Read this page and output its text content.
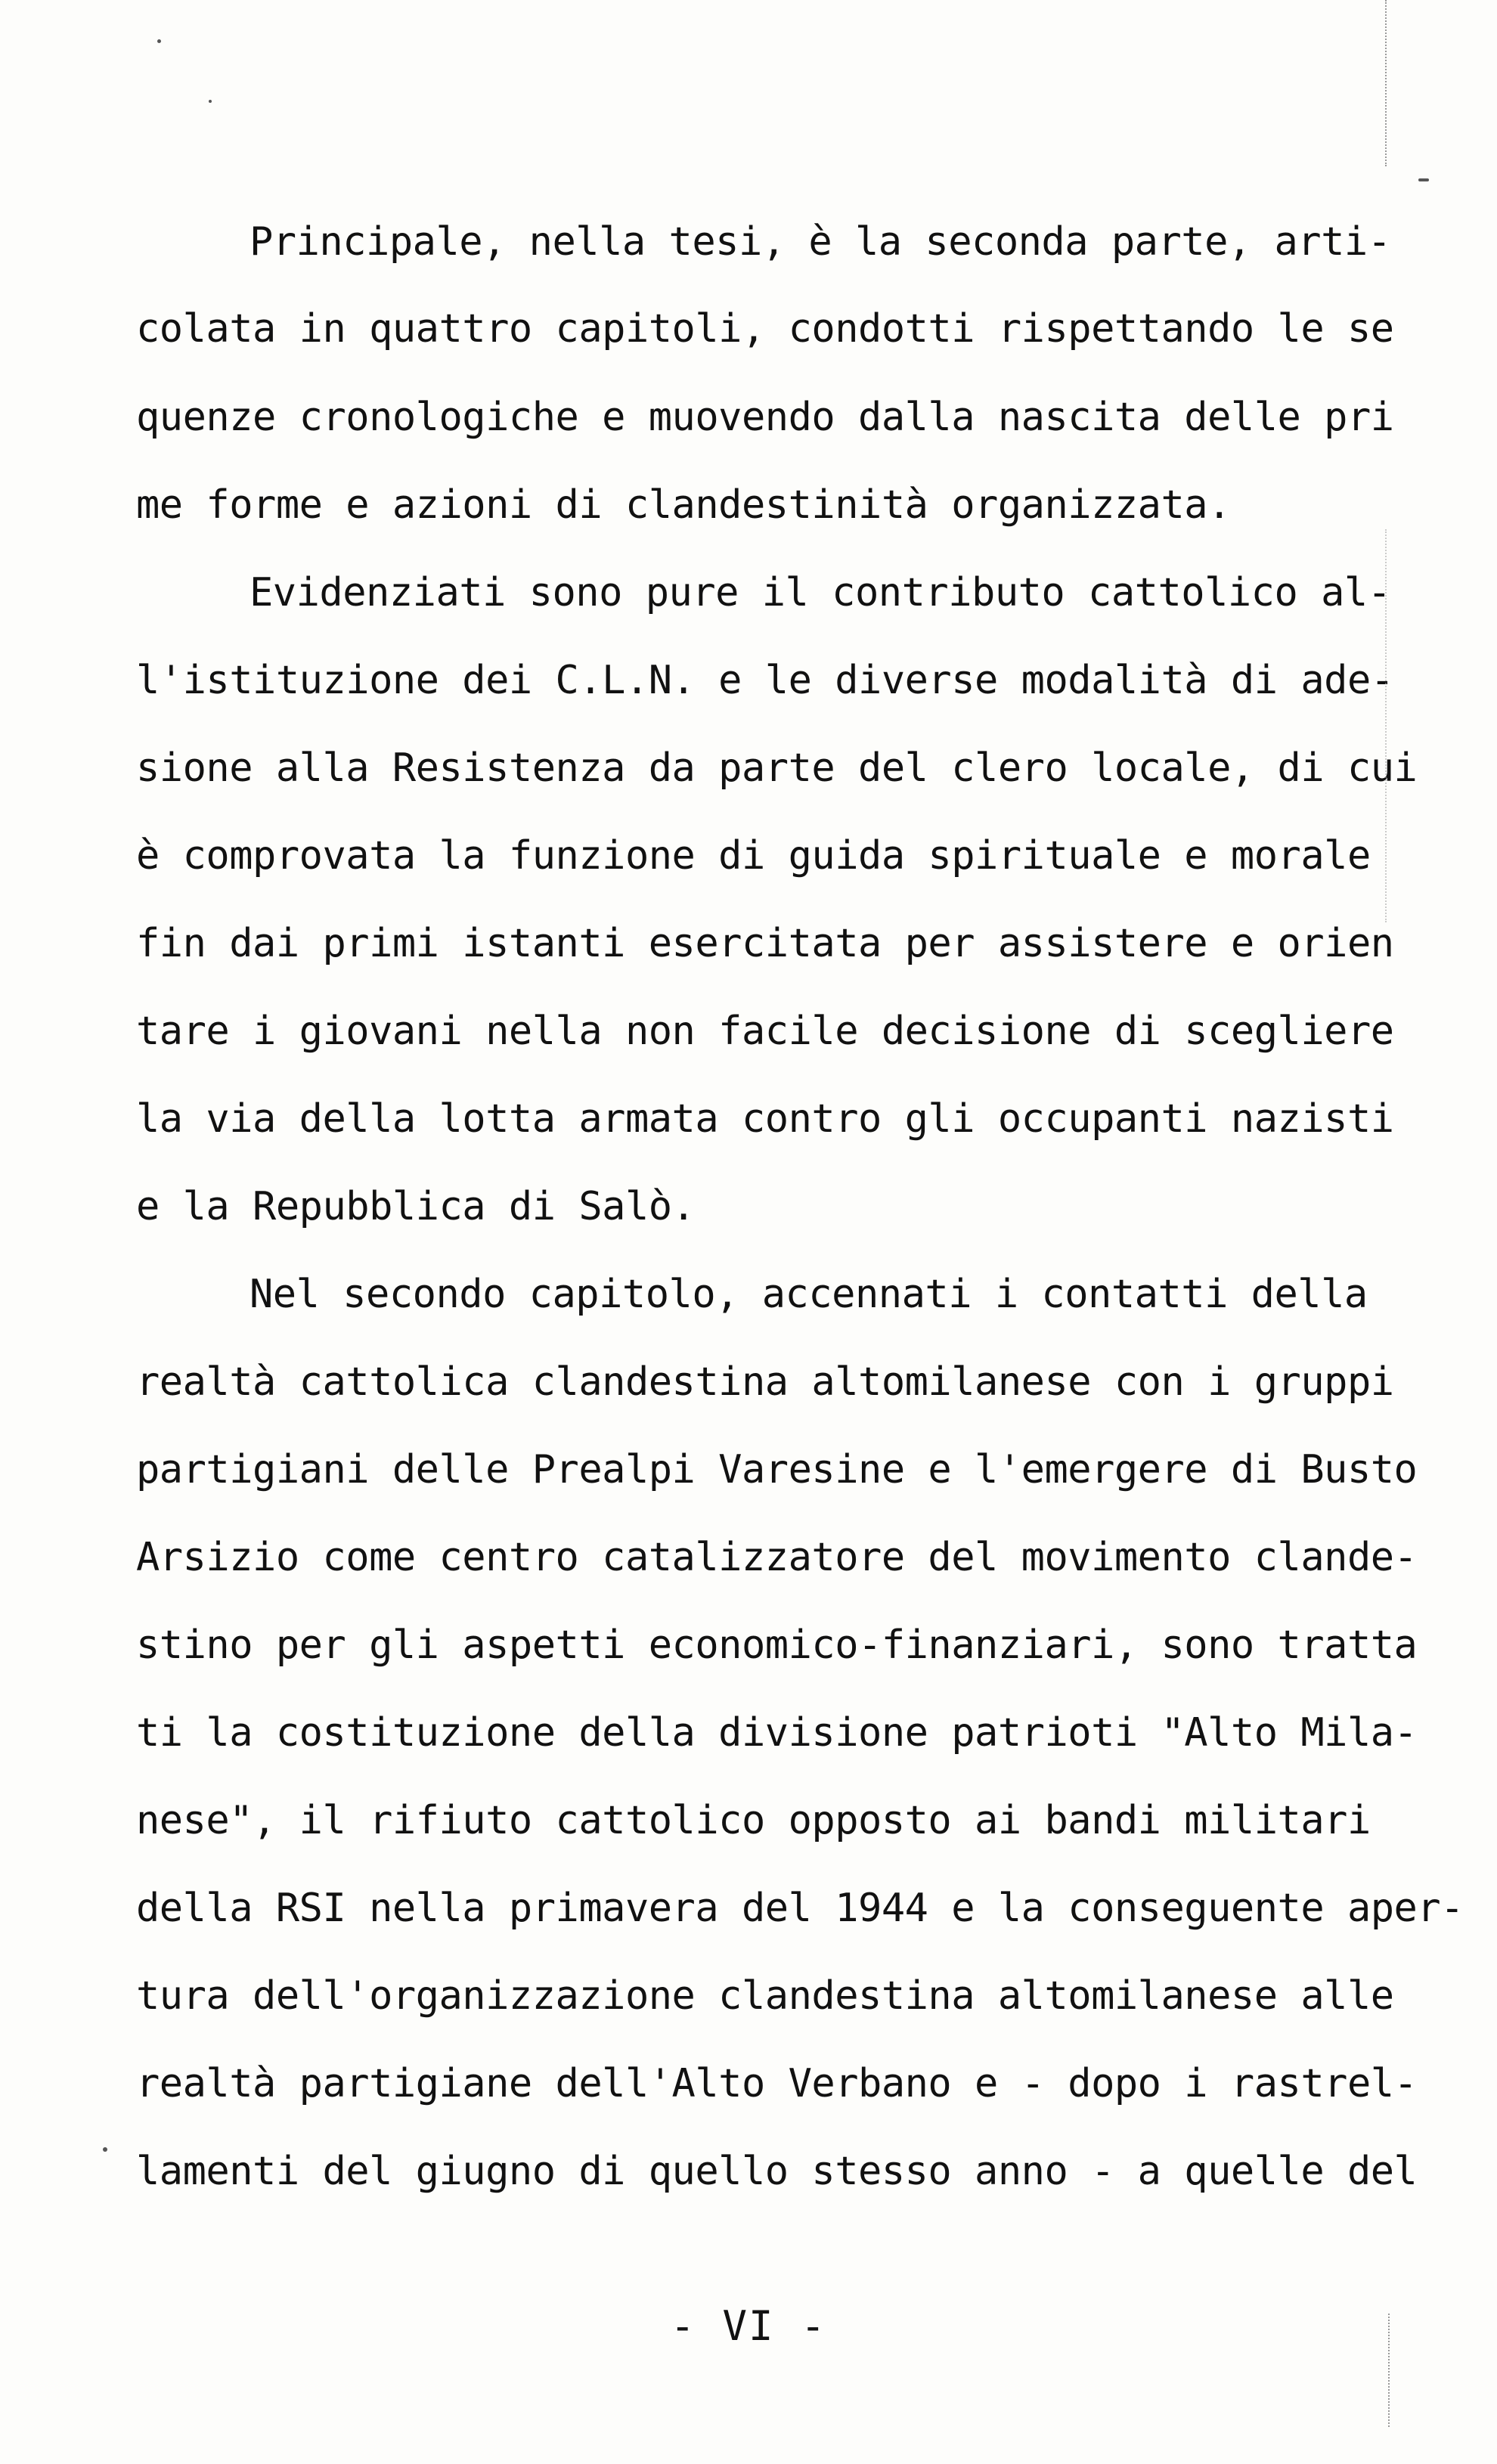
Principale, nella tesi, è la seconda parte, arti-
colata in quattro capitoli, condotti rispettando le se
quenze cronologiche e muovendo dalla nascita delle pri
me forme e azioni di clandestinità organizzata.
Evidenziati sono pure il contributo cattolico al-
l'istituzione dei C.L.N. e le diverse modalità di ade-
sione alla Resistenza da parte del clero locale, di cui
è comprovata la funzione di guida spirituale e morale
fin dai primi istanti esercitata per assistere e orien
tare i giovani nella non facile decisione di scegliere
la via della lotta armata contro gli occupanti nazisti
e la Repubblica di Salò.
Nel secondo capitolo, accennati i contatti della
realtà cattolica clandestina altomilanese con i gruppi
partigiani delle Prealpi Varesine e l'emergere di Busto
Arsizio come centro catalizzatore del movimento clande-
stino per gli aspetti economico-finanziari, sono tratta
ti la costituzione della divisione patrioti "Alto Mila-
nese", il rifiuto cattolico opposto ai bandi militari
della RSI nella primavera del 1944 e la conseguente aper-
tura dell'organizzazione clandestina altomilanese alle
realtà partigiane dell'Alto Verbano e - dopo i rastrel-
lamenti del giugno di quello stesso anno - a quelle del
- VI -
